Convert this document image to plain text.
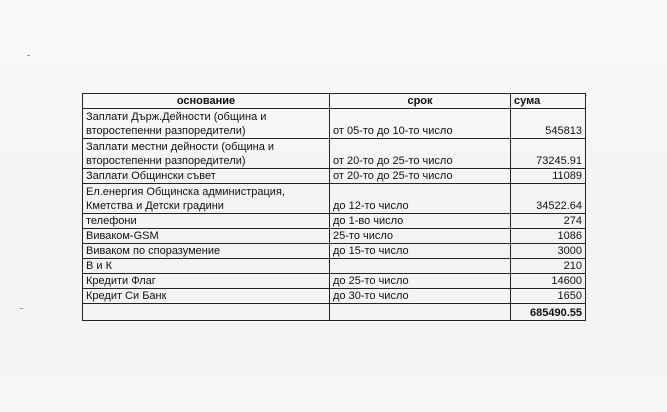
основание	срок	сума

Заплати Държ.Дейности (община и
второстепенни разпоредители)	от 05-то до 10-то число	545813

Заплати местни дейности (община и
второстепенни разпоредители)	от 20-то до 25-то число	73245.91
Заплати Общински съвет	от 20-то до 25-то число	11089

Ел.енергия Общинска администрация,
Кметства и Детски градини	до 12-то число	34522.64
телефони	до 1-во число	274
Виваком-GSM	25-то число	1086
Виваком по споразумение	до 15-то число	3000
В и К		210
Кредити Флаг	до 25-то число	14600
Кредит Си Банк	до 30-то число	1650
		685490.55
